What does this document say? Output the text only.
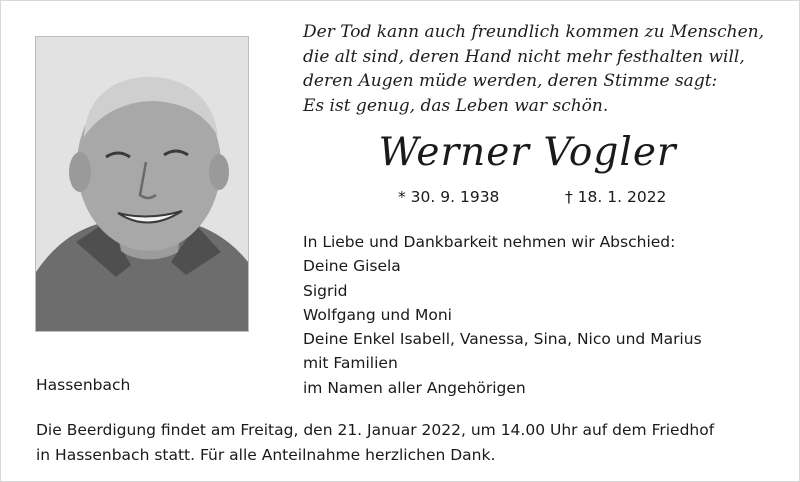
Der Tod kann auch freundlich kommen zu Menschen,
die alt sind, deren Hand nicht mehr festhalten will,
deren Augen müde werden, deren Stimme sagt:
Es ist genug, das Leben war schön.
Werner Vogler
* 30. 9. 1938	† 18. 1. 2022
In Liebe und Dankbarkeit nehmen wir Abschied:
Deine Gisela
Sigrid
Wolfgang und Moni
Deine Enkel Isabell, Vanessa, Sina, Nico und Marius
mit Familien
im Namen aller Angehörigen
Hassenbach
Die Beerdigung findet am Freitag, den 21. Januar 2022, um 14.00 Uhr auf dem Friedhof
in Hassenbach statt. Für alle Anteilnahme herzlichen Dank.
